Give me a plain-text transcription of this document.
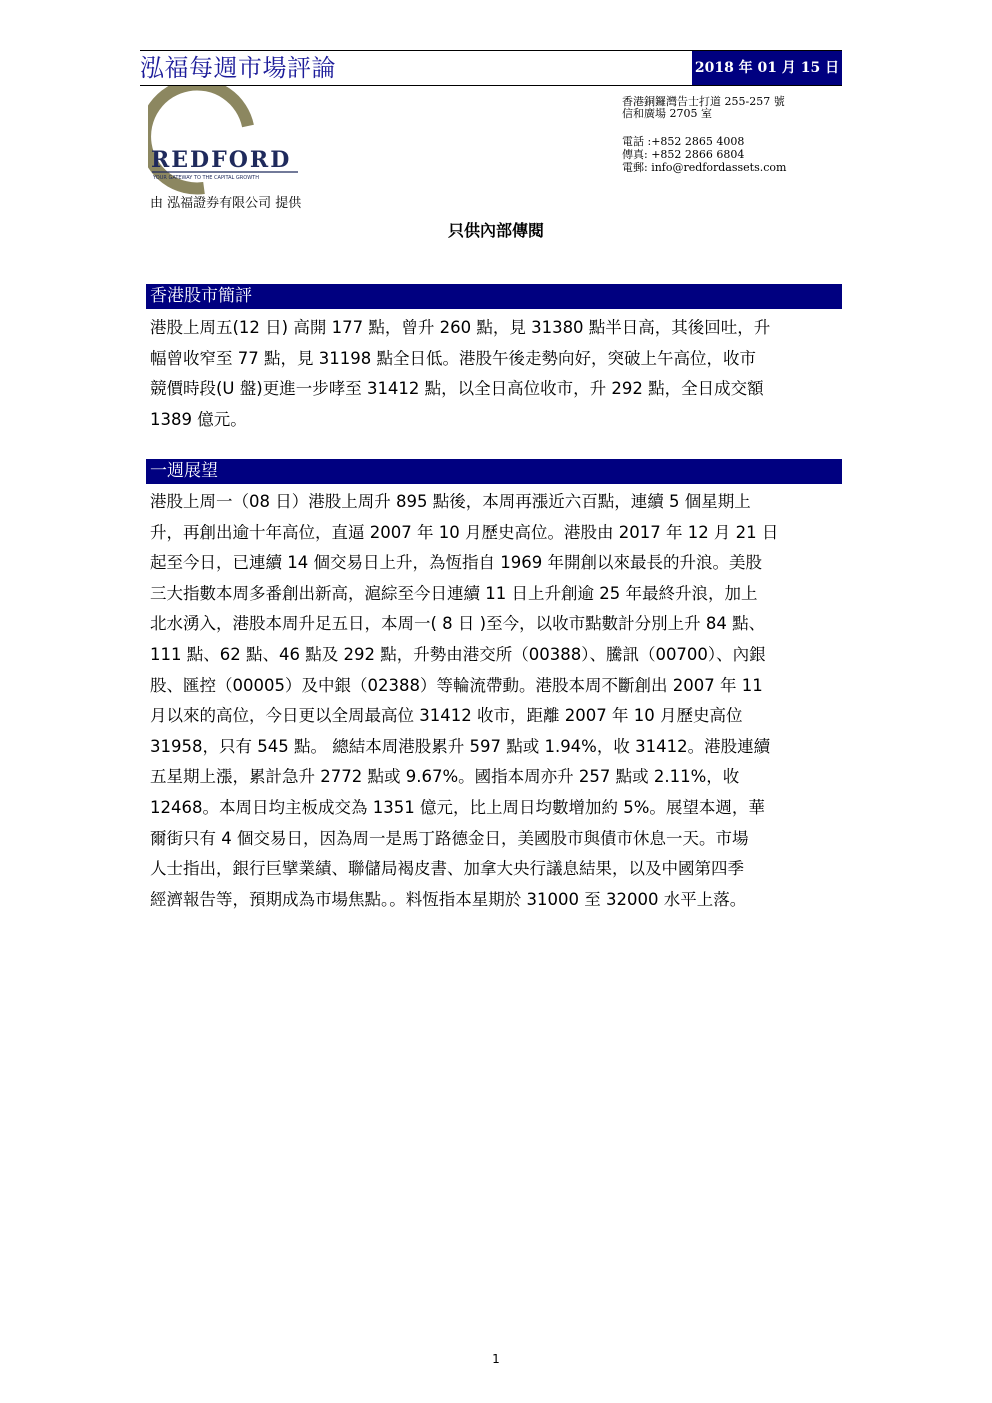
泓福每週市場評論	2018 年 01 月 15 日
REDFORD
YOUR GATEWAY TO THE CAPITAL GROWTH
由 泓福證券有限公司 提供
香港銅鑼灣告士打道 255-257 號
信和廣場 2705 室
電話 :+852 2865 4008
傳真: +852 2866 6804
電郵: info@redfordassets.com
只供內部傳閱
香港股市簡評
港股上周五(12 日) 高開 177 點，曾升 260 點，見 31380 點半日高，其後回吐，升
幅曾收窄至 77 點，見 31198 點全日低。港股午後走勢向好，突破上午高位，收市
競價時段(U 盤)更進一步哮至 31412 點，以全日高位收市，升 292 點，全日成交額
1389 億元。
一週展望
港股上周一（08 日）港股上周升 895 點後，本周再漲近六百點，連續 5 個星期上
升，再創出逾十年高位，直逼 2007 年 10 月歷史高位。港股由 2017 年 12 月 21 日
起至今日，已連續 14 個交易日上升，為恆指自 1969 年開創以來最長的升浪。美股
三大指數本周多番創出新高，滬綜至今日連續 11 日上升創逾 25 年最終升浪，加上
北水湧入，港股本周升足五日，本周一( 8 日 )至今，以收市點數計分別上升 84 點、
111 點、62 點、46 點及 292 點，升勢由港交所（00388）、騰訊（00700）、內銀
股、匯控（00005）及中銀（02388）等輪流帶動。港股本周不斷創出 2007 年 11
月以來的高位，今日更以全周最高位 31412 收市，距離 2007 年 10 月歷史高位
31958，只有 545 點。 總結本周港股累升 597 點或 1.94%，收 31412。港股連續
五星期上漲，累計急升 2772 點或 9.67%。國指本周亦升 257 點或 2.11%，收
12468。本周日均主板成交為 1351 億元，比上周日均數增加約 5%。展望本週，華
爾街只有 4 個交易日，因為周一是馬丁路德金日，美國股市與債市休息一天。市場
人士指出，銀行巨擘業績、聯儲局褐皮書、加拿大央行議息結果，以及中國第四季
經濟報告等，預期成為市場焦點。。料恆指本星期於 31000 至 32000 水平上落。
1
